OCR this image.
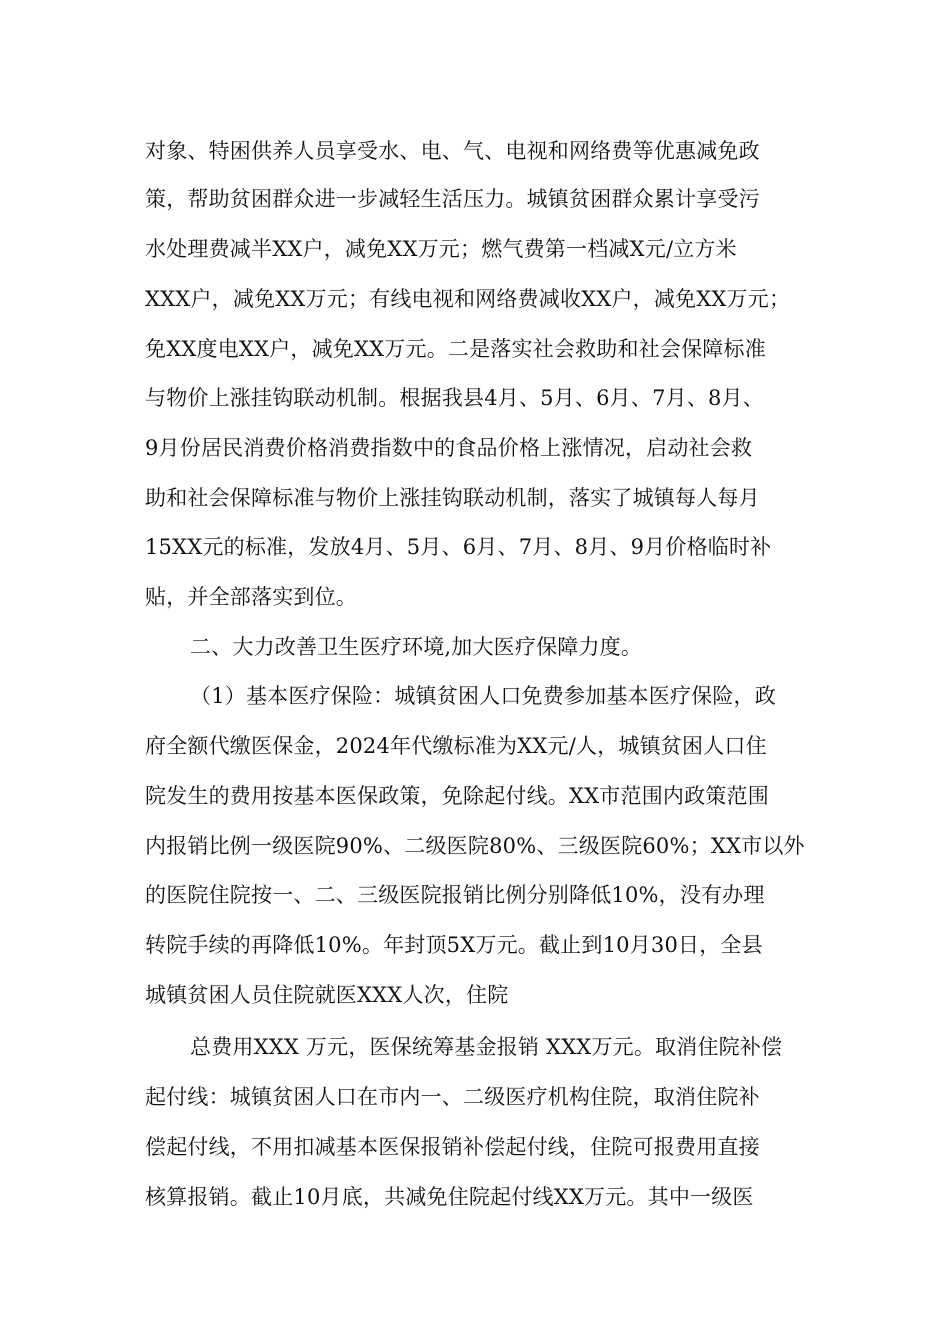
对象、特困供养人员享受水、电、气、电视和网络费等优惠减免政
策，帮助贫困群众进一步减轻生活压力。城镇贫困群众累计享受污
水处理费减半XX户，减免XX万元；燃气费第一档减X元/立方米
XXX户，减免XX万元；有线电视和网络费减收XX户，减免XX万元；
免XX度电XX户，减免XX万元。二是落实社会救助和社会保障标准
与物价上涨挂钩联动机制。根据我县4月、5月、6月、7月、8月、
9月份居民消费价格消费指数中的食品价格上涨情况，启动社会救
助和社会保障标准与物价上涨挂钩联动机制，落实了城镇每人每月
15XX元的标准，发放4月、5月、6月、7月、8月、9月价格临时补
贴，并全部落实到位。
二、大力改善卫生医疗环境,加大医疗保障力度。
（1）基本医疗保险：城镇贫困人口免费参加基本医疗保险，政
府全额代缴医保金，2024年代缴标准为XX元/人，城镇贫困人口住
院发生的费用按基本医保政策，免除起付线。XX市范围内政策范围
内报销比例一级医院90%、二级医院80%、三级医院60%；XX市以外
的医院住院按一、二、三级医院报销比例分别降低10%，没有办理
转院手续的再降低10%。年封顶5X万元。截止到10月30日，全县
城镇贫困人员住院就医XXX人次，住院
总费用XXX 万元，医保统筹基金报销 XXX万元。取消住院补偿
起付线：城镇贫困人口在市内一、二级医疗机构住院，取消住院补
偿起付线，不用扣减基本医保报销补偿起付线，住院可报费用直接
核算报销。截止10月底，共减免住院起付线XX万元。其中一级医
